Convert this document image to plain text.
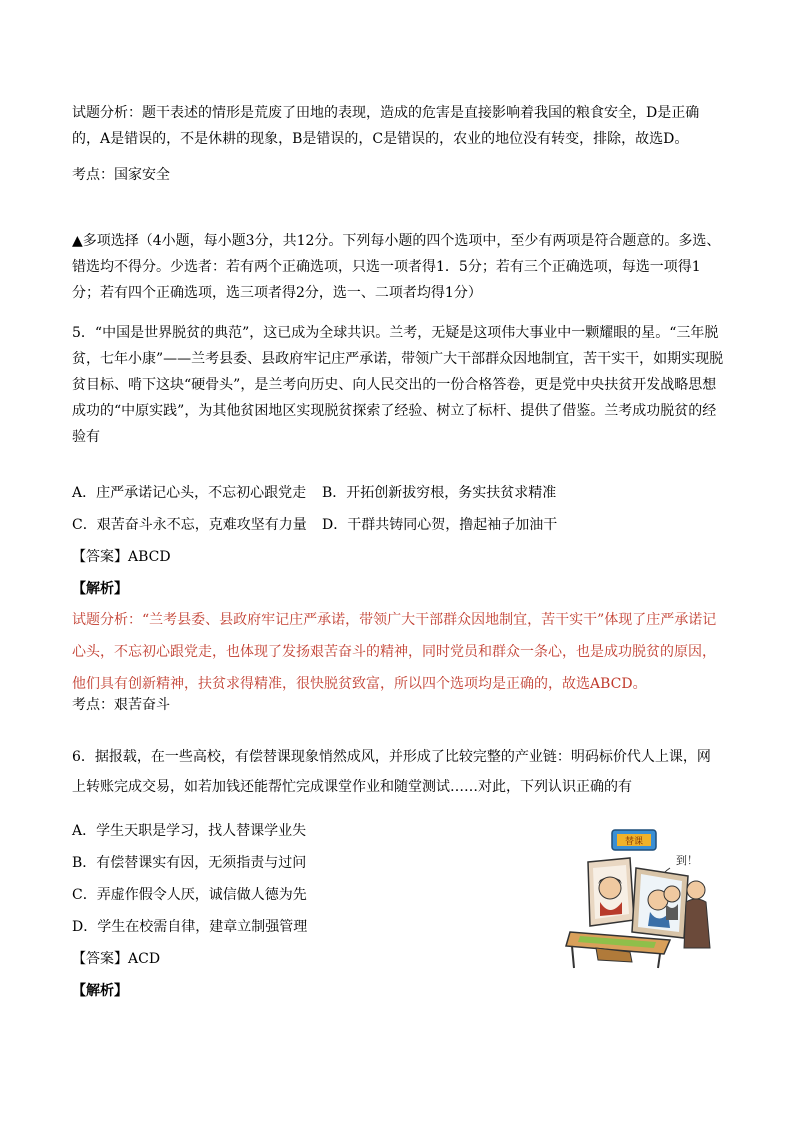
试题分析：题干表述的情形是荒废了田地的表现，造成的危害是直接影响着我国的粮食安全，D是正确的，A是错误的，不是休耕的现象，B是错误的，C是错误的，农业的地位没有转变，排除，故选D。

考点：国家安全

▲多项选择（4小题，每小题3分，共12分。下列每小题的四个选项中，至少有两项是符合题意的。多选、错选均不得分。少选者：若有两个正确选项，只选一项者得1．5分；若有三个正确选项，每选一项得1分；若有四个正确选项，选三项者得2分，选一、二项者均得1分）

5．“中国是世界脱贫的典范”，这已成为全球共识。兰考，无疑是这项伟大事业中一颗耀眼的星。“三年脱贫，七年小康”——兰考县委、县政府牢记庄严承诺，带领广大干部群众因地制宜，苦干实干，如期实现脱贫目标、啃下这块“硬骨头”，是兰考向历史、向人民交出的一份合格答卷，更是党中央扶贫开发战略思想成功的“中原实践”，为其他贫困地区实现脱贫探索了经验、树立了标杆、提供了借鉴。兰考成功脱贫的经验有

A．庄严承诺记心头，不忘初心跟党走	B．开拓创新拔穷根，务实扶贫求精准

C．艰苦奋斗永不忘，克难攻坚有力量	D．干群共铸同心贺，撸起袖子加油干

【答案】ABCD

【解析】

试题分析：“兰考县委、县政府牢记庄严承诺，带领广大干部群众因地制宜，苦干实干”体现了庄严承诺记心头，不忘初心跟党走，也体现了发扬艰苦奋斗的精神，同时党员和群众一条心，也是成功脱贫的原因，他们具有创新精神，扶贫求得精准，很快脱贫致富，所以四个选项均是正确的，故选ABCD。

考点：艰苦奋斗

6．据报载，在一些高校，有偿替课现象悄然成风，并形成了比较完整的产业链：明码标价代人上课，网上转账完成交易，如若加钱还能帮忙完成课堂作业和随堂测试……对此，下列认识正确的有

A．学生天职是学习，找人替课学业失

B．有偿替课实有因，无须指责与过问

C．弄虚作假令人厌，诚信做人德为先

D．学生在校需自律，建章立制强管理

【答案】ACD

【解析】

替课
到！
